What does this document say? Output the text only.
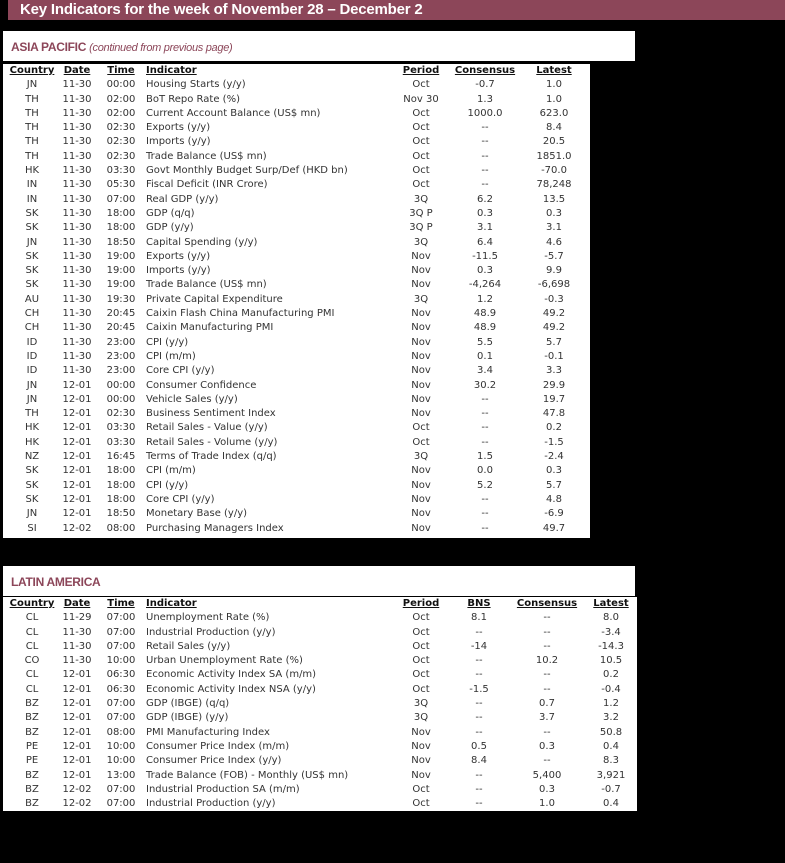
Key Indicators for the week of November 28 – December 2
ASIA PACIFIC (continued from previous page)
Country	Date	Time	Indicator	Period	Consensus	Latest
JN	11-30	00:00	Housing Starts (y/y)	Oct	-0.7	1.0
TH	11-30	02:00	BoT Repo Rate (%)	Nov 30	1.3	1.0
TH	11-30	02:00	Current Account Balance (US$ mn)	Oct	1000.0	623.0
TH	11-30	02:30	Exports (y/y)	Oct	--	8.4
TH	11-30	02:30	Imports (y/y)	Oct	--	20.5
TH	11-30	02:30	Trade Balance (US$ mn)	Oct	--	1851.0
HK	11-30	03:30	Govt Monthly Budget Surp/Def (HKD bn)	Oct	--	-70.0
IN	11-30	05:30	Fiscal Deficit (INR Crore)	Oct	--	78,248
IN	11-30	07:00	Real GDP (y/y)	3Q	6.2	13.5
SK	11-30	18:00	GDP (q/q)	3Q P	0.3	0.3
SK	11-30	18:00	GDP (y/y)	3Q P	3.1	3.1
JN	11-30	18:50	Capital Spending (y/y)	3Q	6.4	4.6
SK	11-30	19:00	Exports (y/y)	Nov	-11.5	-5.7
SK	11-30	19:00	Imports (y/y)	Nov	0.3	9.9
SK	11-30	19:00	Trade Balance (US$ mn)	Nov	-4,264	-6,698
AU	11-30	19:30	Private Capital Expenditure	3Q	1.2	-0.3
CH	11-30	20:45	Caixin Flash China Manufacturing PMI	Nov	48.9	49.2
CH	11-30	20:45	Caixin Manufacturing PMI	Nov	48.9	49.2
ID	11-30	23:00	CPI (y/y)	Nov	5.5	5.7
ID	11-30	23:00	CPI (m/m)	Nov	0.1	-0.1
ID	11-30	23:00	Core CPI (y/y)	Nov	3.4	3.3
JN	12-01	00:00	Consumer Confidence	Nov	30.2	29.9
JN	12-01	00:00	Vehicle Sales (y/y)	Nov	--	19.7
TH	12-01	02:30	Business Sentiment Index	Nov	--	47.8
HK	12-01	03:30	Retail Sales - Value (y/y)	Oct	--	0.2
HK	12-01	03:30	Retail Sales - Volume (y/y)	Oct	--	-1.5
NZ	12-01	16:45	Terms of Trade Index (q/q)	3Q	1.5	-2.4
SK	12-01	18:00	CPI (m/m)	Nov	0.0	0.3
SK	12-01	18:00	CPI (y/y)	Nov	5.2	5.7
SK	12-01	18:00	Core CPI (y/y)	Nov	--	4.8
JN	12-01	18:50	Monetary Base (y/y)	Nov	--	-6.9
SI	12-02	08:00	Purchasing Managers Index	Nov	--	49.7
LATIN AMERICA
Country	Date	Time	Indicator	Period	BNS	Consensus	Latest
CL	11-29	07:00	Unemployment Rate (%)	Oct	8.1	--	8.0
CL	11-30	07:00	Industrial Production (y/y)	Oct	--	--	-3.4
CL	11-30	07:00	Retail Sales (y/y)	Oct	-14	--	-14.3
CO	11-30	10:00	Urban Unemployment Rate (%)	Oct	--	10.2	10.5
CL	12-01	06:30	Economic Activity Index SA (m/m)	Oct	--	--	0.2
CL	12-01	06:30	Economic Activity Index NSA (y/y)	Oct	-1.5	--	-0.4
BZ	12-01	07:00	GDP (IBGE) (q/q)	3Q	--	0.7	1.2
BZ	12-01	07:00	GDP (IBGE) (y/y)	3Q	--	3.7	3.2
BZ	12-01	08:00	PMI Manufacturing Index	Nov	--	--	50.8
PE	12-01	10:00	Consumer Price Index (m/m)	Nov	0.5	0.3	0.4
PE	12-01	10:00	Consumer Price Index (y/y)	Nov	8.4	--	8.3
BZ	12-01	13:00	Trade Balance (FOB) - Monthly (US$ mn)	Nov	--	5,400	3,921
BZ	12-02	07:00	Industrial Production SA (m/m)	Oct	--	0.3	-0.7
BZ	12-02	07:00	Industrial Production (y/y)	Oct	--	1.0	0.4
